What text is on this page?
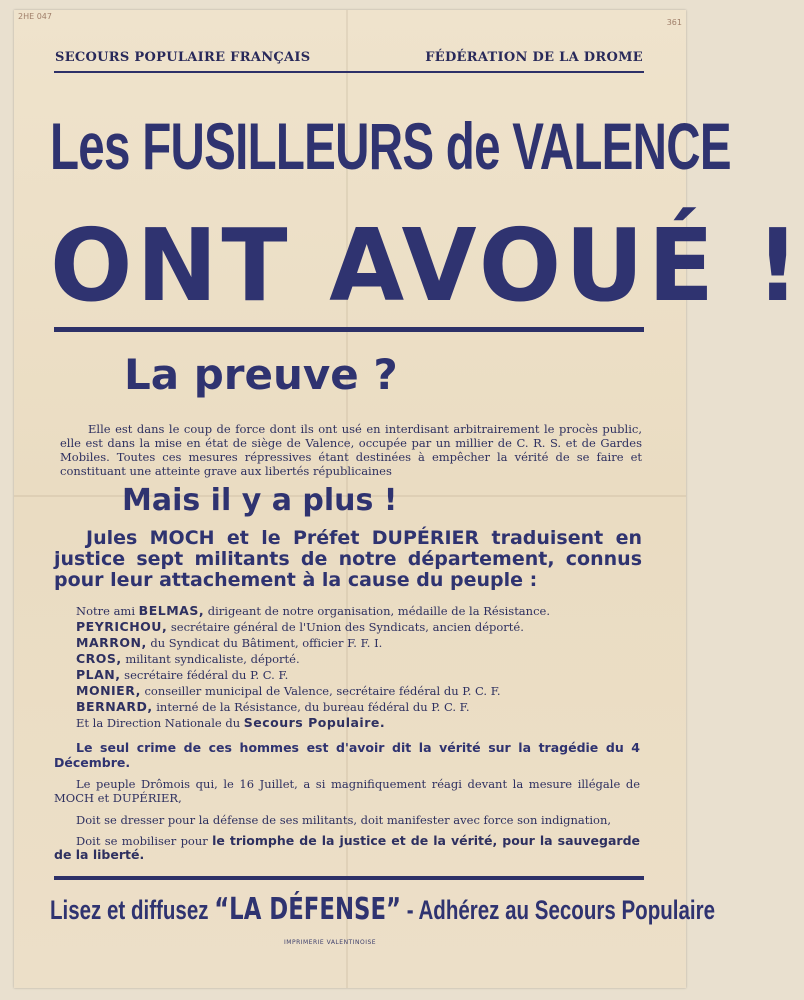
2HE 047
361
SECOURS POPULAIRE FRANÇAIS	FÉDÉRATION DE LA DROME
Les FUSILLEURS de VALENCE
ONT AVOUÉ !
La preuve ?

Elle est dans le coup de force dont ils ont usé en interdisant arbitrairement le procès public, elle est dans la mise en état de siège de Valence, occupée par un millier de C. R. S. et de Gardes Mobiles. Toutes ces mesures répressives étant destinées à empêcher la vérité de se faire et constituant une atteinte grave aux libertés républicaines

Mais il y a plus !

Jules MOCH et le Préfet DUPÉRIER traduisent en justice sept militants de notre département, connus pour leur attachement à la cause du peuple :

Notre ami BELMAS, dirigeant de notre organisation, médaille de la Résistance.
PEYRICHOU, secrétaire général de l'Union des Syndicats, ancien déporté.
MARRON, du Syndicat du Bâtiment, officier F. F. I.
CROS, militant syndicaliste, déporté.
PLAN, secrétaire fédéral du P. C. F.
MONIER, conseiller municipal de Valence, secrétaire fédéral du P. C. F.
BERNARD, interné de la Résistance, du bureau fédéral du P. C. F.
Et la Direction Nationale du Secours Populaire.

Le seul crime de ces hommes est d'avoir dit la vérité sur la tragédie du 4 Décembre.

Le peuple Drômois qui, le 16 Juillet, a si magnifiquement réagi devant la mesure illégale de MOCH et DUPÉRIER,

Doit se dresser pour la défense de ses militants, doit manifester avec force son indignation,

Doit se mobiliser pour le triomphe de la justice et de la vérité, pour la sauvegarde de la liberté.

Lisez et diffusez “LA DÉFENSE” - Adhérez au Secours Populaire
IMPRIMERIE VALENTINOISE
